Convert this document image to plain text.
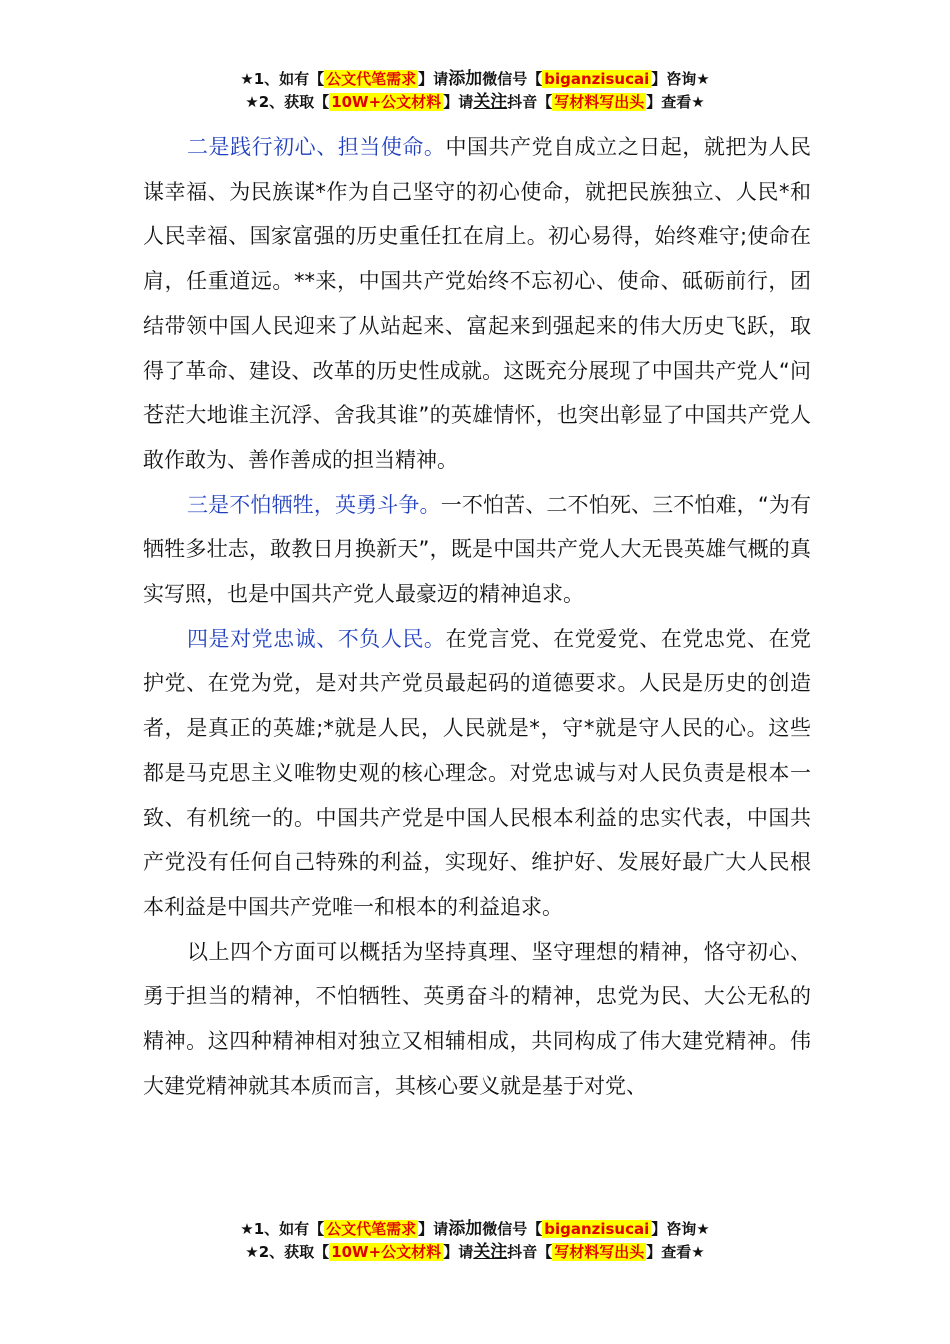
★1、如有【 公文代笔需求 】请添加微信号【 biganzisucai 】咨询★
★2、获取【 10W+公文材料 】请关注抖音【 写材料写出头 】查看★

二是践行初心、担当使命。中国共产党自成立之日起，就把为人民谋幸福、为民族谋*作为自己坚守的初心使命，就把民族独立、人民*和人民幸福、国家富强的历史重任扛在肩上。初心易得，始终难守;使命在肩，任重道远。**来，中国共产党始终不忘初心、使命、砥砺前行，团结带领中国人民迎来了从站起来、富起来到强起来的伟大历史飞跃，取得了革命、建设、改革的历史性成就。这既充分展现了中国共产党人“问苍茫大地谁主沉浮、舍我其谁”的英雄情怀，也突出彰显了中国共产党人敢作敢为、善作善成的担当精神。

三是不怕牺牲，英勇斗争。一不怕苦、二不怕死、三不怕难，“为有牺牲多壮志，敢教日月换新天”，既是中国共产党人大无畏英雄气概的真实写照，也是中国共产党人最豪迈的精神追求。

四是对党忠诚、不负人民。在党言党、在党爱党、在党忠党、在党护党、在党为党，是对共产党员最起码的道德要求。人民是历史的创造者，是真正的英雄;*就是人民，人民就是*，守*就是守人民的心。这些都是马克思主义唯物史观的核心理念。对党忠诚与对人民负责是根本一致、有机统一的。中国共产党是中国人民根本利益的忠实代表，中国共产党没有任何自己特殊的利益，实现好、维护好、发展好最广大人民根本利益是中国共产党唯一和根本的利益追求。

以上四个方面可以概括为坚持真理、坚守理想的精神，恪守初心、勇于担当的精神，不怕牺牲、英勇奋斗的精神，忠党为民、大公无私的精神。这四种精神相对独立又相辅相成，共同构成了伟大建党精神。伟大建党精神就其本质而言，其核心要义就是基于对党、

★1、如有【 公文代笔需求 】请添加微信号【 biganzisucai 】咨询★
★2、获取【 10W+公文材料 】请关注抖音【 写材料写出头 】查看★
